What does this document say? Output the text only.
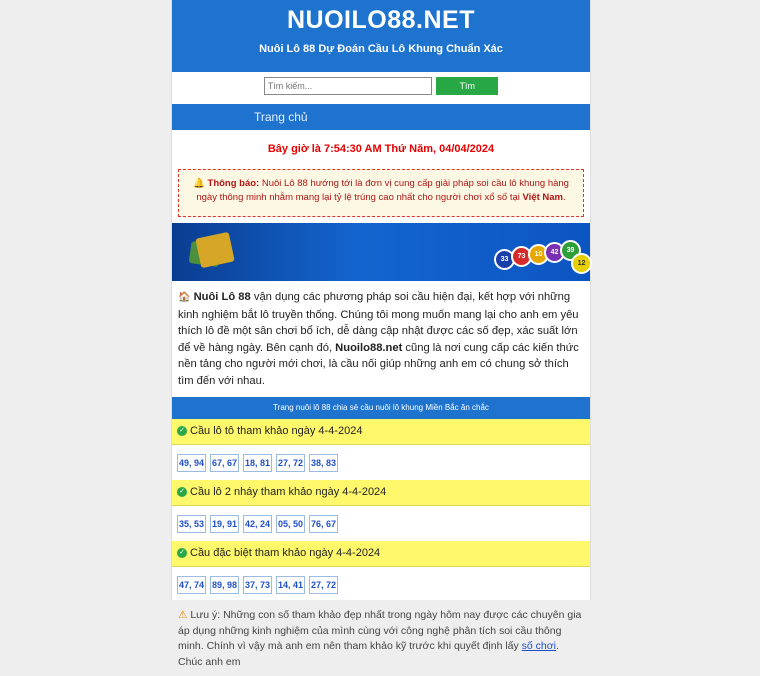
NUOILO88.NET
Nuôi Lô 88 Dự Đoán Cầu Lô Khung Chuẩn Xác
Tìm kiếm... Tìm
Trang chủ
Bây giờ là 7:54:30 AM Thứ Năm, 04/04/2024
🔔 Thông báo: Nuôi Lô 88 hướng tới là đơn vị cung cấp giải pháp soi cầu lô khung hàng ngày thông minh nhằm mang lại tỷ lệ trúng cao nhất cho người chơi xổ số tại Việt Nam.
33	73	10	42	39
12
🏠 Nuôi Lô 88 vận dụng các phương pháp soi cầu hiện đại, kết hợp với những kinh nghiệm bắt lô truyền thống. Chúng tôi mong muốn mang lại cho anh em yêu thích lô đề một sân chơi bổ ích, dễ dàng cập nhật được các số đẹp, xác suất lớn để về hàng ngày. Bên cạnh đó, Nuoilo88.net cũng là nơi cung cấp các kiến thức nền tảng cho người mới chơi, là cầu nối giúp những anh em có chung sở thích tìm đến với nhau.
Trang nuôi lô 88 chia sẻ cầu nuôi lô khung Miền Bắc ăn chắc
✓ Cầu lô tô tham khảo ngày 4-4-2024
49, 94 67, 67 18, 81 27, 72 38, 83
✓ Cầu lô 2 nháy tham khảo ngày 4-4-2024
35, 53 19, 91 42, 24 05, 50 76, 67
✓ Cầu đặc biệt tham khảo ngày 4-4-2024
47, 74 89, 98 37, 73 14, 41 27, 72
⚠ Lưu ý: Những con số tham khảo đẹp nhất trong ngày hôm nay được các chuyên gia áp dụng những kinh nghiệm của mình cùng với công nghệ phân tích soi cầu thông minh. Chính vì vậy mà anh em nên tham khảo kỹ trước khi quyết định lấy số chơi. Chúc anh em
